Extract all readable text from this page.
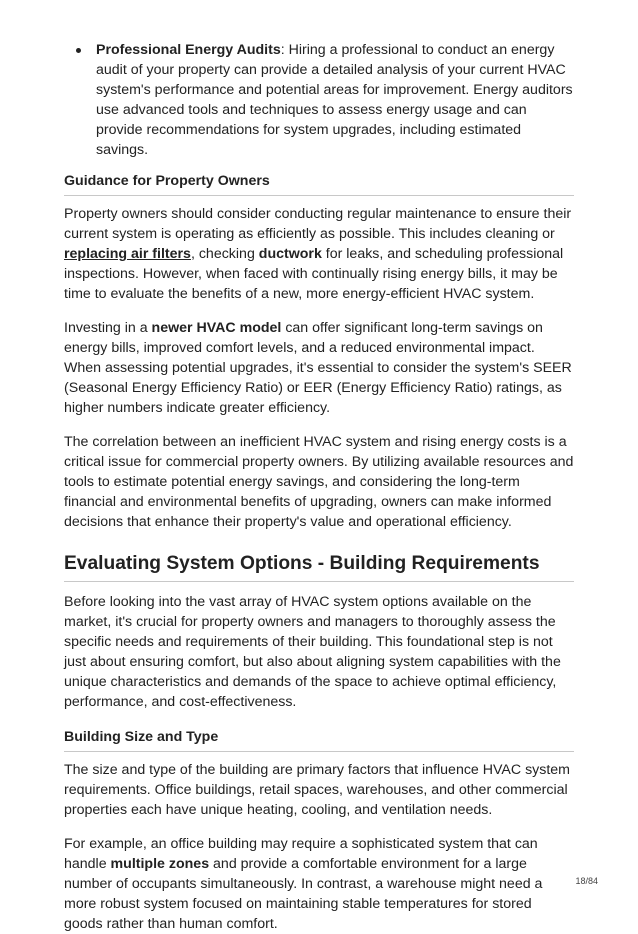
Professional Energy Audits: Hiring a professional to conduct an energy audit of your property can provide a detailed analysis of your current HVAC system's performance and potential areas for improvement. Energy auditors use advanced tools and techniques to assess energy usage and can provide recommendations for system upgrades, including estimated savings.
Guidance for Property Owners

Property owners should consider conducting regular maintenance to ensure their current system is operating as efficiently as possible. This includes cleaning or replacing air filters, checking ductwork for leaks, and scheduling professional inspections. However, when faced with continually rising energy bills, it may be time to evaluate the benefits of a new, more energy-efficient HVAC system.

Investing in a newer HVAC model can offer significant long-term savings on energy bills, improved comfort levels, and a reduced environmental impact. When assessing potential upgrades, it's essential to consider the system's SEER (Seasonal Energy Efficiency Ratio) or EER (Energy Efficiency Ratio) ratings, as higher numbers indicate greater efficiency.

The correlation between an inefficient HVAC system and rising energy costs is a critical issue for commercial property owners. By utilizing available resources and tools to estimate potential energy savings, and considering the long-term financial and environmental benefits of upgrading, owners can make informed decisions that enhance their property's value and operational efficiency.

Evaluating System Options - Building Requirements

Before looking into the vast array of HVAC system options available on the market, it's crucial for property owners and managers to thoroughly assess the specific needs and requirements of their building. This foundational step is not just about ensuring comfort, but also about aligning system capabilities with the unique characteristics and demands of the space to achieve optimal efficiency, performance, and cost-effectiveness.

Building Size and Type

The size and type of the building are primary factors that influence HVAC system requirements. Office buildings, retail spaces, warehouses, and other commercial properties each have unique heating, cooling, and ventilation needs.

For example, an office building may require a sophisticated system that can handle multiple zones and provide a comfortable environment for a large number of occupants simultaneously. In contrast, a warehouse might need a more robust system focused on maintaining stable temperatures for stored goods rather than human comfort.

18/84
